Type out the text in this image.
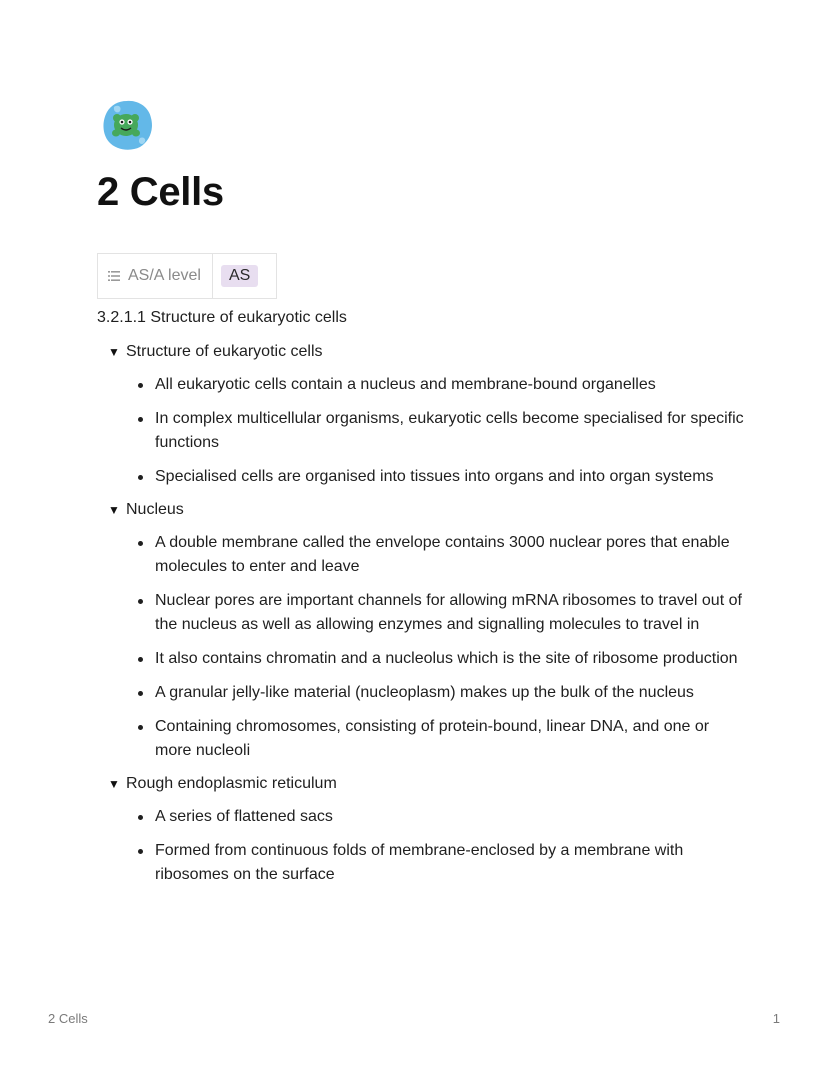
2 Cells
AS/A level	AS
3.2.1.1 Structure of eukaryotic cells
▼ Structure of eukaryotic cells
All eukaryotic cells contain a nucleus and membrane-bound organelles
In complex multicellular organisms, eukaryotic cells become specialised for specific functions
Specialised cells are organised into tissues into organs and into organ systems
▼ Nucleus
A double membrane called the envelope contains 3000 nuclear pores that enable molecules to enter and leave
Nuclear pores are important channels for allowing mRNA ribosomes to travel out of the nucleus as well as allowing enzymes and signalling molecules to travel in
It also contains chromatin and a nucleolus which is the site of ribosome production
A granular jelly-like material (nucleoplasm) makes up the bulk of the nucleus
Containing chromosomes, consisting of protein-bound, linear DNA, and one or more nucleoli
▼ Rough endoplasmic reticulum
A series of flattened sacs
Formed from continuous folds of membrane-enclosed by a membrane with ribosomes on the surface
2 Cells	1
